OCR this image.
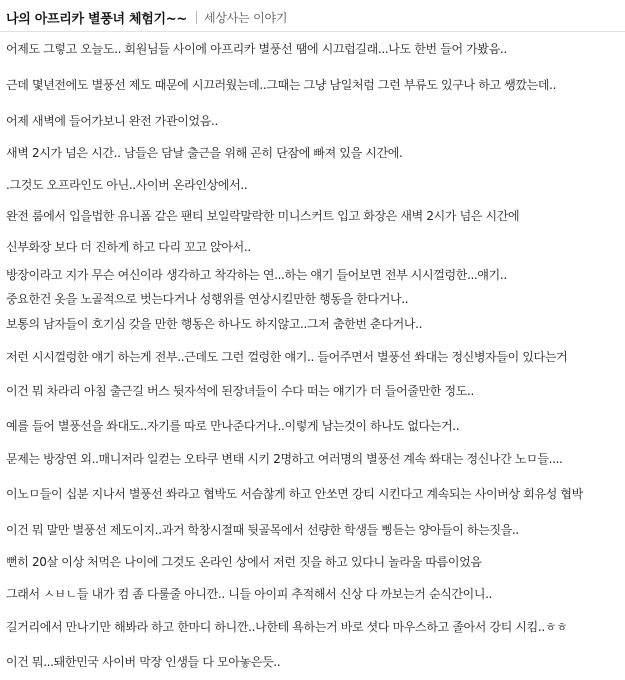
나의 아프리카 별풍녀 체험기~~ 세상사는 이야기
어제도 그렇고 오늘도.. 회원님들 사이에 아프리카 별풍선 땜에 시끄럽길래...나도 한번 들어 가봤음..
근데 몇년전에도 별풍선 제도 때문에 시끄러웠는데..그때는 그냥 남일처럼 그런 부류도 있구나 하고 쌩깠는데..
어제 새벽에 들어가보니 완전 가관이었음..
새벽 2시가 넘은 시간.. 남들은 담날 출근을 위해 곤히 단잠에 빠져 있을 시간에.
.그것도 오프라인도 아닌..사이버 온라인상에서..
완전 룸에서 입을법한 유니폼 같은 팬티 보일락말락한 미니스커트 입고 화장은 새벽 2시가 넘은 시간에
신부화장 보다 더 진하게 하고 다리 꼬고 앉아서..
방장이라고 지가 무슨 여신이라 생각하고 착각하는 연...하는 얘기 들어보면 전부 시시껄렁한...얘기..
중요한건 옷을 노골적으로 벗는다거나 성행위를 연상시킬만한 행동을 한다거나..
보통의 남자들이 호기심 갖을 만한 행동은 하나도 하지않고..그저 춤한번 춘다거나..
저런 시시껄렁한 얘기 하는게 전부..근데도 그런 껄렁한 얘기.. 들어주면서 별풍선 쏴대는 정신병자들이 있다는거
이건 뭐 차라리 아침 출근길 버스 뒷자석에 된장녀들이 수다 떠는 얘기가 더 들어줄만한 정도..
예를 들어 별풍선을 쏴대도..자기를 따로 만나준다거나..이렇게 남는것이 하나도 없다는거..
문제는 방장연 외..매니저라 일컫는 오타쿠 변태 시키 2명하고 여러명의 별풍선 계속 쏴대는 정신나간 노ㅁ들....
이노ㅁ들이 십분 지나서 별풍선 쏴라고 협박도 서슴찮게 하고 안쏘면 강티 시킨다고 계속되는 사이버상 회유성 협박
이건 뭐 말만 별풍선 제도이지..과거 학창시절때 뒷골목에서 선량한 학생들 삥듣는 양아들이 하는짓을..
뻔히 20살 이상 처먹은 나이에 그것도 온라인 상에서 저런 짓을 하고 있다니 놀라울 따름이었음
그래서 ㅅㅂㄴ들 내가 컴 좀 다룰줄 아니깐.. 니들 아이피 추적해서 신상 다 까보는거 순식간이니..
길거리에서 만나기만 해봐라 하고 한마디 하니깐..나한테 욕하는거 바로 셧다 마우스하고 졸아서 강티 시킴..ㅎㅎ
이건 뭐...돼한민국 사이버 막장 인생들 다 모아놓은듯..
